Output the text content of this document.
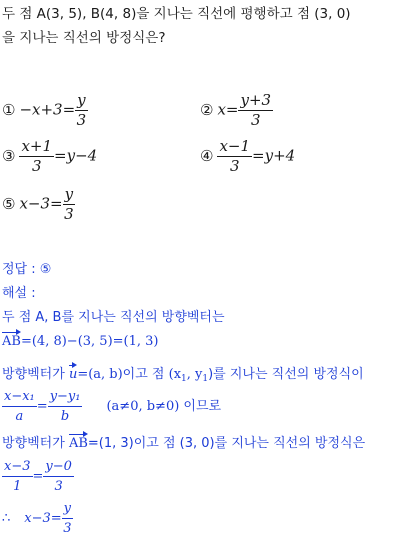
두 점 A(3, 5), B(4, 8)을 지나는 직선에 평행하고 점 (3, 0)
을 지나는 직선의 방정식은?
① $-x+3= \frac{y}{3}$	② $x= \frac{y+3}{3}$
③ $\frac{x+1}{3} =y-4$	④ $\frac{x-1}{3} =y+4$
⑤ $x-3= \frac{y}{3}$
정답 : ⑤
해설 :
두 점 A, B를 지나는 직선의 방향벡터는
AB=(4, 8)−(3, 5)=(1, 3)
방향벡터가 u=(a, b)이고 점 ($x_1$, $y_1$)를 지나는 직선의 방정식이
$\frac{\text{x−x₁}}{a} = \frac{\text{y−y₁}}{b} (a\ne 0$, b≠0) 이므로
방향벡터가 AB=(1, 3)이고 점 (3, 0)를 지나는 직선의 방정식은
$\frac{x-3}{1} = \frac{y-0}{3}$
∴ $x-3= \frac{y}{3}$
